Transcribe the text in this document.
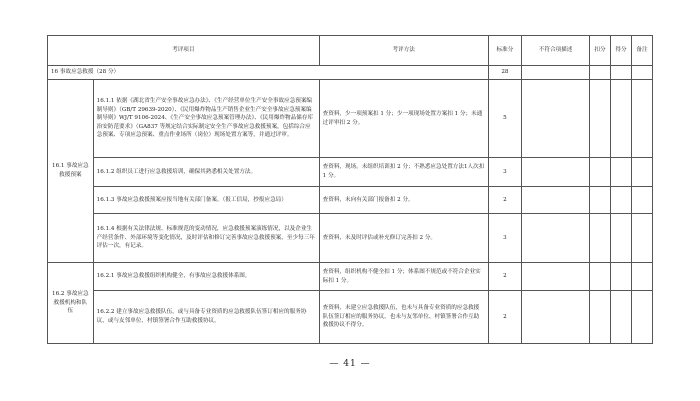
考评项目		考评方法	标准分	不符合项描述	扣分	得分	备注
16 事故应急救援（28 分）			28				
16.1 事故应急救援预案	16.1.1 依据《湖北省生产安全事故应急办法》、《生产经营单位生产安全事故应急预案编制导则》（GB/T 29639-2020）、《民用爆炸物品生产销售企业生产安全事故应急预案编制导则》WJ/T 9106-2024、《生产安全事故应急预案管理办法》、《民用爆炸物品储存库治安防范要求》（GA837 等规定结合实际制定安全生产事故应急救援预案，包括综合应急预案、专项应急预案、重点作业场所（岗位）现场处置方案等，并通过评审。	查资料，少一项预案扣 1 分；少一项现场处置方案扣 1 分；未通过评审扣 2 分。	5				
	16.1.2 组织员工进行应急救援培训，确保其熟悉相关处置方法。	查资料，现场。未组织培训扣 2 分；不熟悉应急处置方法1人次扣1 分。	3				
	16.1.3 事故应急救援预案应报当地有关部门备案。（报工信局，抄报应急局）	查资料，未向有关部门报备扣 2 分。	2				
	16.1.4 根据有关法律法规、标准规范的变动情况，应急救援预案演练情况，以及企业生产经营条件、外部环境等变化情况，及时评估和修订完善事故应急救援预案，至少每三年评估一次，有记录。	查资料，未及时评估或补充修订完善扣 2 分。	3				
16.2 事故应急救援机构和队伍	16.2.1 事故应急救援组织机构健全，有事故应急救援体系图。	查资料，组织机构不健全扣 1 分；体系图不规范或不符合企业实际扣 1 分。	2				
	16.2.2 建立事故应急救援队伍，或与具备专业资质的应急救援队伍签订相应的服务协议，或与友邻单位、村镇签署合作互助救援协议。	查资料，未建立应急救援队伍，也未与具备专业资质的应急救援队伍签订相应的服务协议，也未与友邻单位、村镇签署合作互助救援协议不得分。	2				
— 41 —
